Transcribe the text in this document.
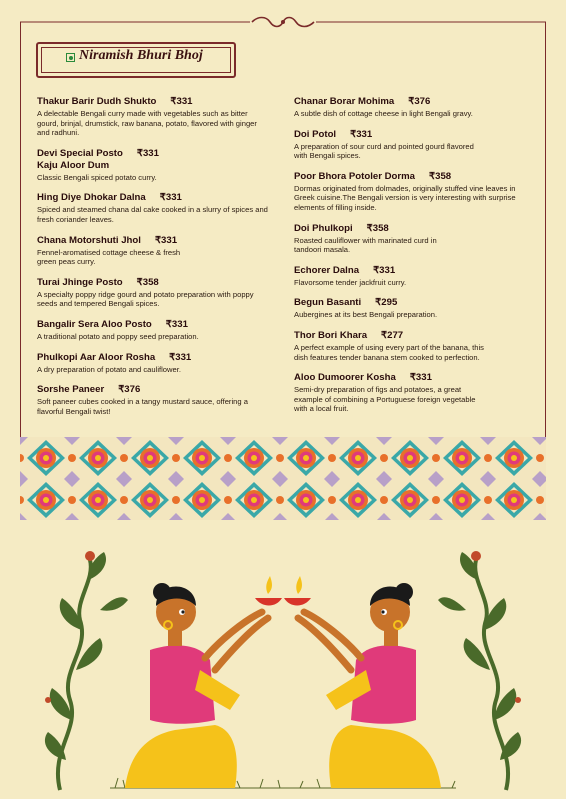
Niramish Bhuri Bhoj
Thakur Barir Dudh Shukto ₹331
A delectable Bengali curry made with vegetables such as bitter gourd, brinjal, drumstick, raw banana, potato, flavored with ginger and radhuni.
Devi Special Posto ₹331
Kaju Aloor Dum
Classic Bengali spiced potato curry.
Hing Diye Dhokar Dalna ₹331
Spiced and steamed chana dal cake cooked in a slurry of spices and fresh coriander leaves.
Chana Motorshuti Jhol ₹331
Fennel-aromatised cottage cheese & fresh green peas curry.
Turai Jhinge Posto ₹358
A specialty poppy ridge gourd and potato preparation with poppy seeds and tempered Bengali spices.
Bangalir Sera Aloo Posto ₹331
A traditional potato and poppy seed preparation.
Phulkopi Aar Aloor Rosha ₹331
A dry preparation of potato and cauliflower.
Sorshe Paneer ₹376
Soft paneer cubes cooked in a tangy mustard sauce, offering a flavorful Bengali twist!
Chanar Borar Mohima ₹376
A subtle dish of cottage cheese in light Bengali gravy.
Doi Potol ₹331
A preparation of sour curd and pointed gourd flavored with Bengali spices.
Poor Bhora Potoler Dorma ₹358
Dormas originated from dolmades, originally stuffed vine leaves in Greek cuisine.The Bengali version is very interesting with surprise elements of filling inside.
Doi Phulkopi ₹358
Roasted cauliflower with marinated curd in tandoori masala.
Echorer Dalna ₹331
Flavorsome tender jackfruit curry.
Begun Basanti ₹295
Aubergines at its best Bengali preparation.
Thor Bori Khara ₹277
A perfect example of using every part of the banana, this dish features tender banana stem cooked to perfection.
Aloo Dumoorer Kosha ₹331
Semi-dry preparation of figs and potatoes, a great example of combining a Portuguese foreign vegetable with a local fruit.
